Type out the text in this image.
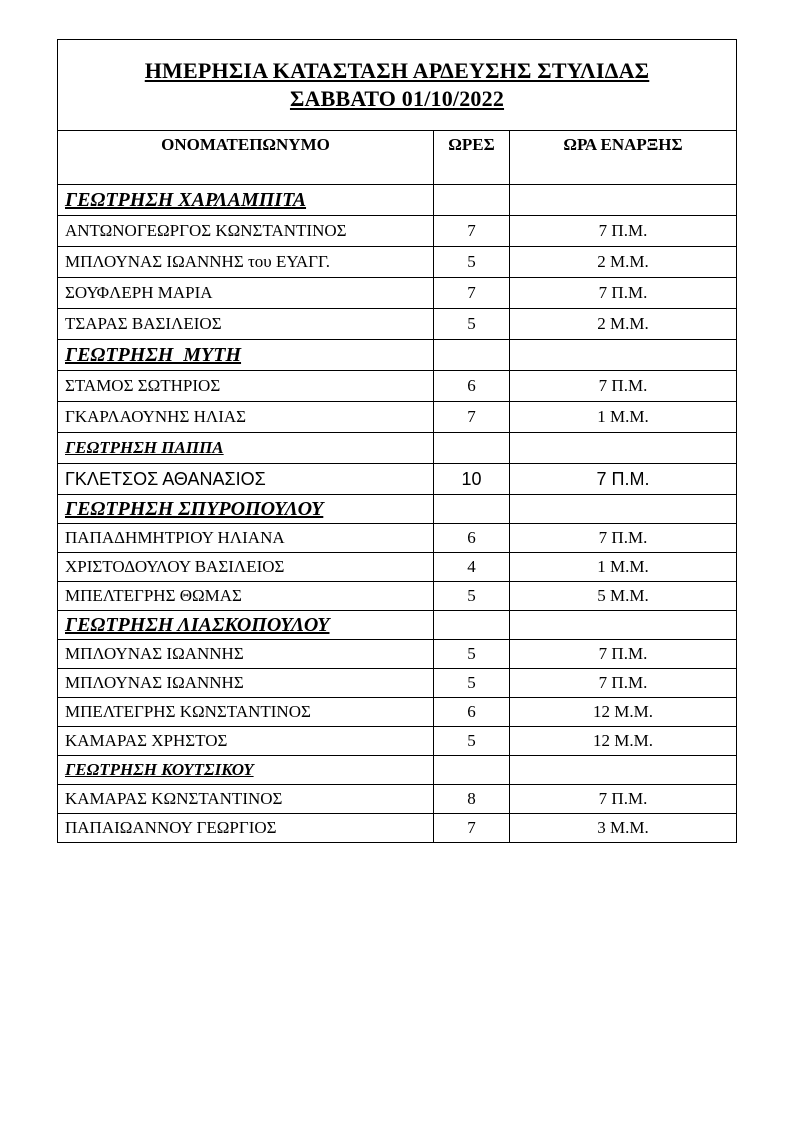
ΗΜΕΡΗΣΙΑ ΚΑΤΑΣΤΑΣΗ ΑΡΔΕΥΣΗΣ ΣΤΥΛΙΔΑΣ
ΣΑΒΒΑΤΟ 01/10/2022		

ΟΝΟΜΑΤΕΠΩΝΥΜΟ	ΩΡΕΣ	ΩΡΑ ΕΝΑΡΞΗΣ
ΓΕΩΤΡΗΣΗ ΧΑΡΛΑΜΠΙΤΑ		
ΑΝΤΩΝΟΓΕΩΡΓΟΣ ΚΩΝΣΤΑΝΤΙΝΟΣ	7	7 Π.Μ.
ΜΠΛΟΥΝΑΣ ΙΩΑΝΝΗΣ του ΕΥΑΓΓ.	5	2 Μ.Μ.
ΣΟΥΦΛΕΡΗ ΜΑΡΙΑ	7	7 Π.Μ.
ΤΣΑΡΑΣ ΒΑΣΙΛΕΙΟΣ	5	2 Μ.Μ.
ΓΕΩΤΡΗΣΗ  ΜΥΤΗ		
ΣΤΑΜΟΣ ΣΩΤΗΡΙΟΣ	6	7 Π.Μ.
ΓΚΑΡΛΑΟΥΝΗΣ ΗΛΙΑΣ	7	1 Μ.Μ.
ΓΕΩΤΡΗΣΗ ΠΑΠΠΑ		
ΓΚΛΕΤΣΟΣ ΑΘΑΝΑΣΙΟΣ	10	7 Π.Μ.
ΓΕΩΤΡΗΣΗ ΣΠΥΡΟΠΟΥΛΟΥ		
ΠΑΠΑΔΗΜΗΤΡΙΟΥ ΗΛΙΑΝΑ	6	7 Π.Μ.
ΧΡΙΣΤΟΔΟΥΛΟΥ ΒΑΣΙΛΕΙΟΣ	4	1 Μ.Μ.
ΜΠΕΛΤΕΓΡΗΣ ΘΩΜΑΣ	5	5 Μ.Μ.
ΓΕΩΤΡΗΣΗ ΛΙΑΣΚΟΠΟΥΛΟΥ		
ΜΠΛΟΥΝΑΣ ΙΩΑΝΝΗΣ	5	7 Π.Μ.
ΜΠΛΟΥΝΑΣ ΙΩΑΝΝΗΣ	5	7 Π.Μ.
ΜΠΕΛΤΕΓΡΗΣ ΚΩΝΣΤΑΝΤΙΝΟΣ	6	12 Μ.Μ.
ΚΑΜΑΡΑΣ ΧΡΗΣΤΟΣ	5	12 Μ.Μ.
ΓΕΩΤΡΗΣΗ ΚΟΥΤΣΙΚΟΥ		
ΚΑΜΑΡΑΣ ΚΩΝΣΤΑΝΤΙΝΟΣ	8	7 Π.Μ.
ΠΑΠΑΙΩΑΝΝΟΥ ΓΕΩΡΓΙΟΣ	7	3 Μ.Μ.
